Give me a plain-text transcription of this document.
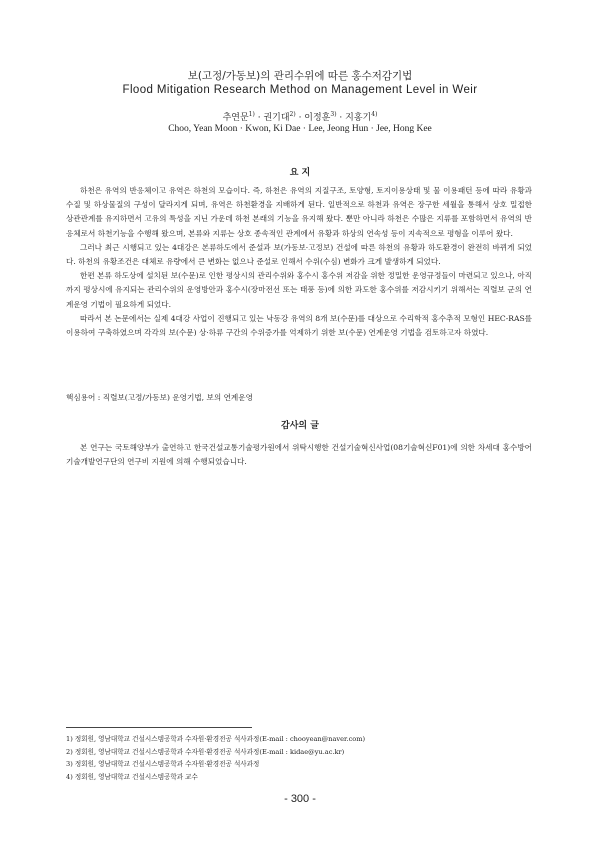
보(고정/가동보)의 관리수위에 따른 홍수저감기법
Flood Mitigation Research Method on Management Level in Weir
추연문$^{1)}$ · 권기대$^{2)}$ · 이정훈$^{3)}$ · 지홍기$^{4)}$
Choo, Yean Moon · Kwon, Ki Dae · Lee, Jeong Hun · Jee, Hong Kee
요 지

하천은 유역의 반응체이고 유역은 하천의 모습이다. 즉, 하천은 유역의 지질구조, 토양형, 토지이용상태 및 물 이용패턴 등에 따라 유황과 수질 및 하상물질의 구성이 달라지게 되며, 유역은 하천환경을 지배하게 된다. 일반적으로 하천과 유역은 장구한 세월을 통해서 상호 밀접한 상관관계를 유지하면서 고유의 특성을 지닌 가운데 하천 본래의 기능을 유지해 왔다. 뿐만 아니라 하천은 수많은 지류를 포함하면서 유역의 반응체로서 하천기능을 수행해 왔으며, 본류와 지류는 상호 종속적인 관계에서 유황과 하상의 연속성 등이 지속적으로 평형을 이루어 왔다.

그러나 최근 시행되고 있는 4대강은 본류하도에서 준설과 보(가동보·고정보) 건설에 따른 하천의 유황과 하도환경이 완전히 바뀌게 되었다. 하천의 유황조건은 대체로 유량에서 큰 변화는 없으나 준설로 인해서 수위(수심) 변화가 크게 발생하게 되었다.

한편 본류 하도상에 설치된 보(수문)로 인한 평상시의 관리수위와 홍수시 홍수위 저감을 위한 정밀한 운영규정들이 마련되고 있으나, 아직까지 평상시에 유지되는 관리수위의 운영방안과 홍수시(장마전선 또는 태풍 등)에 의한 과도한 홍수위를 저감시키기 위해서는 직렬보 군의 연계운영 기법이 필요하게 되었다.

따라서 본 논문에서는 실제 4대강 사업이 진행되고 있는 낙동강 유역의 8개 보(수문)를 대상으로 수리학적 홍수추적 모형인 HEC-RAS를 이용하여 구축하였으며 각각의 보(수문) 상·하류 구간의 수위증가를 억제하기 위한 보(수문) 연계운영 기법을 검토하고자 하였다.

핵심용어 : 직렬보(고정/가동보) 운영기법, 보의 연계운영
감사의 글

본 연구는 국토해양부가 출연하고 한국건설교통기술평가원에서 위탁시행한 건설기술혁신사업(08기술혁신F01)에 의한 차세대 홍수방어기술개발연구단의 연구비 지원에 의해 수행되었습니다.

1) 정회원, 영남대학교 건설시스템공학과 수자원·환경전공 석사과정(E-mail : chooyean@naver.com)
2) 정회원, 영남대학교 건설시스템공학과 수자원·환경전공 석사과정(E-mail : kidae@yu.ac.kr)
3) 정회원, 영남대학교 건설시스템공학과 수자원·환경전공 석사과정
4) 정회원, 영남대학교 건설시스템공학과 교수
- 300 -
